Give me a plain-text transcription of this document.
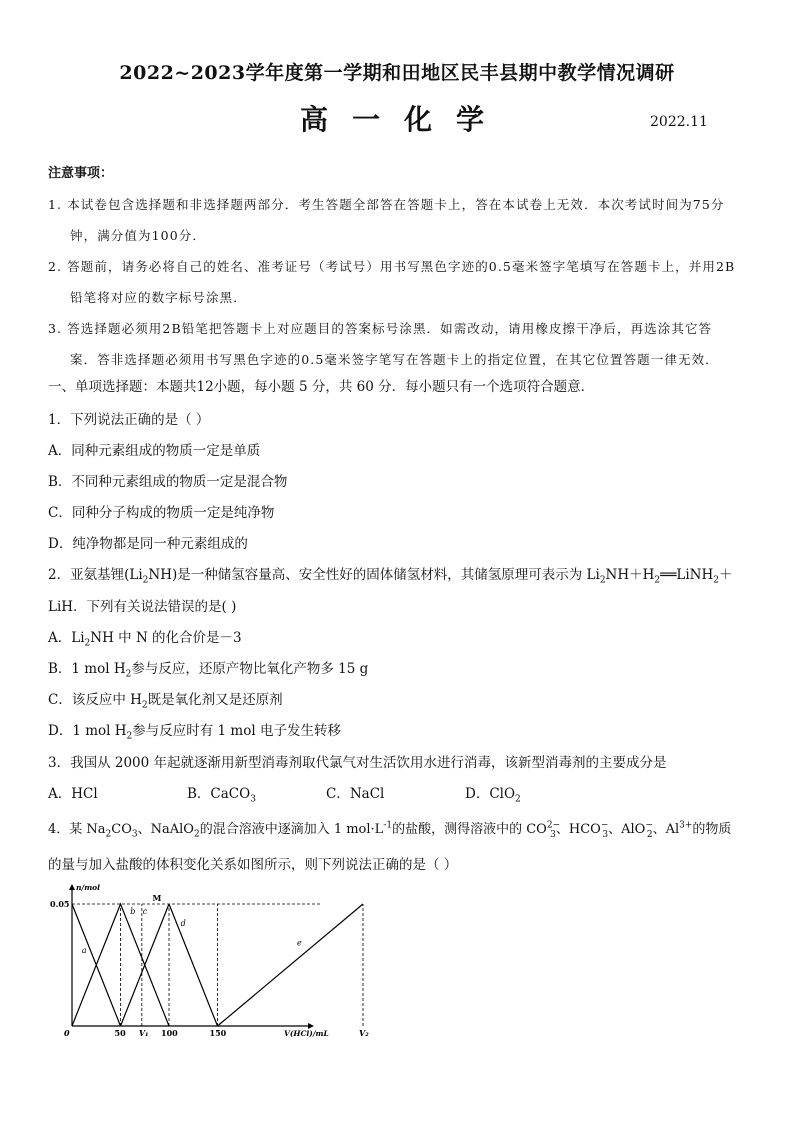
2022~2023学年度第一学期和田地区民丰县期中教学情况调研
高一化学	2022.11
注意事项：
1. 本试卷包含选择题和非选择题两部分．考生答题全部答在答题卡上，答在本试卷上无效．本次考试时间为75分
钟，满分值为100分．
2. 答题前，请务必将自己的姓名、准考证号（考试号）用书写黑色字迹的0.5毫米签字笔填写在答题卡上，并用2B
铅笔将对应的数字标号涂黑．
3. 答选择题必须用2B铅笔把答题卡上对应题目的答案标号涂黑．如需改动，请用橡皮擦干净后，再选涂其它答
案．答非选择题必须用书写黑色字迹的0.5毫米签字笔写在答题卡上的指定位置，在其它位置答题一律无效．
一、单项选择题：本题共12小题，每小题 5 分，共 60 分．每小题只有一个选项符合题意．
1．下列说法正确的是（ ）
A．同种元素组成的物质一定是单质
B．不同种元素组成的物质一定是混合物
C．同种分子构成的物质一定是纯净物
D．纯净物都是同一种元素组成的
2．亚氨基锂$(Li_2NH)$是一种储氢容量高、安全性好的固体储氢材料，其储氢原理可表示为 $Li_2NH+H_2══LiNH_2+$
LiH．下列有关说法错误的是( )
A．$Li_2NH$ 中 N 的化合价是－3
B．1 mol $H_2$参与反应，还原产物比氧化产物多 15 g
C．该反应中 $H_2$既是氧化剂又是还原剂
D．1 mol $H_2$参与反应时有 1 mol 电子发生转移
3．我国从 2000 年起就逐渐用新型消毒剂取代氯气对生活饮用水进行消毒，该新型消毒剂的主要成分是
A．HCl	B．CaCO$_3$	C．NaCl	D．ClO$_2$
4．某 $Na_2CO_3$、NaAlO$_2$的混合溶液中逐滴加入 1 $mol\cdot L^{-1}$的盐酸，测得溶液中的 $CO^{2-}_3$、$HCO^-_3$、AlO−$_2$、$Al^{3+}$的物质
的量与加入盐酸的体积变化关系如图所示，则下列说法正确的是（ ）
a
b c
d
e
0	50 V₁ 100	150	V₂
0.05
n/mol
V(HCl)/mL
M
